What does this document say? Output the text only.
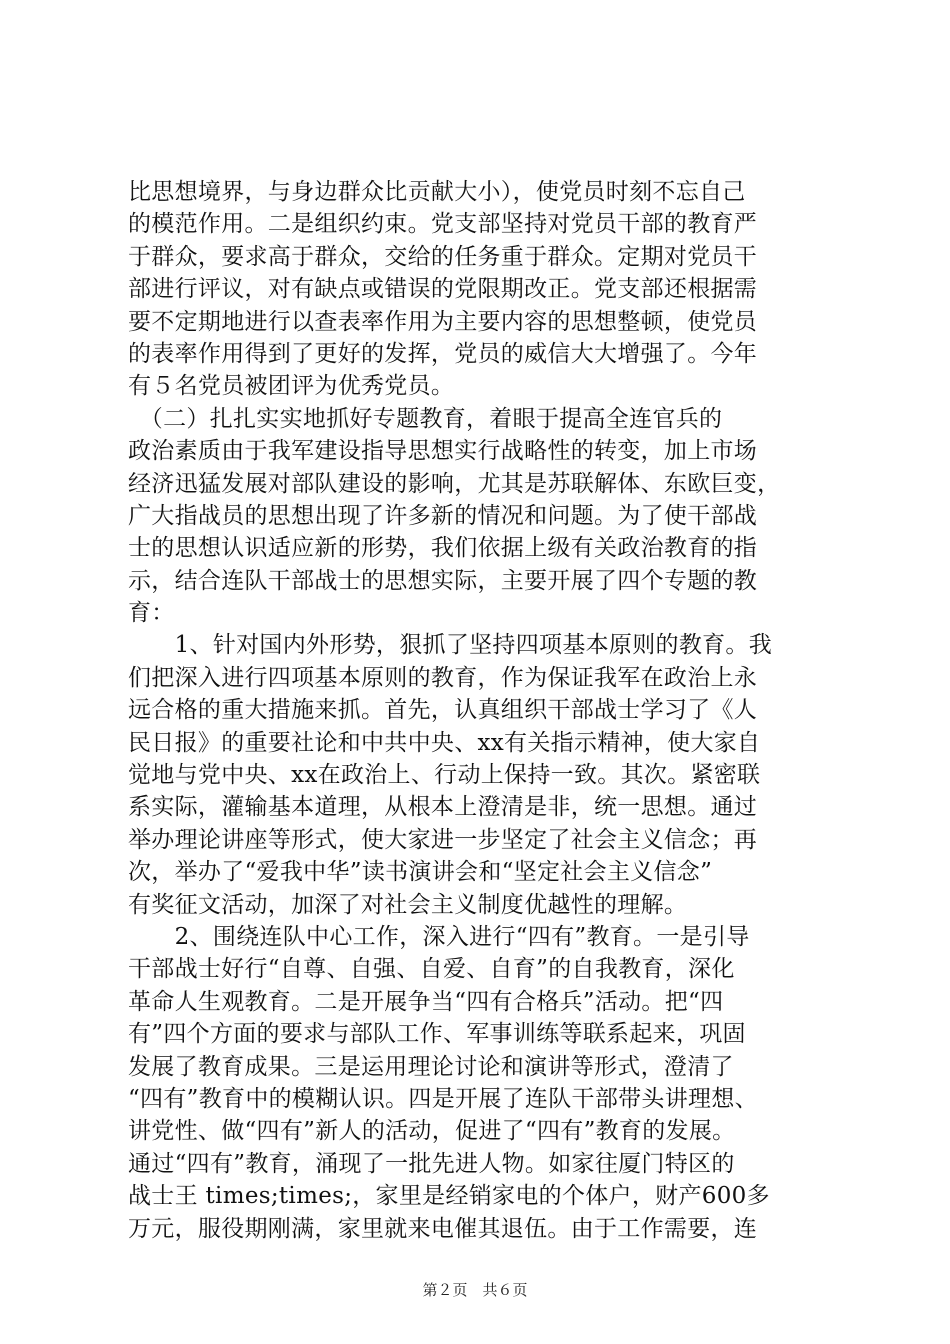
比思想境界，与身边群众比贡献大小），使党员时刻不忘自己
的模范作用。二是组织约束。党支部坚持对党员干部的教育严
于群众，要求高于群众，交给的任务重于群众。定期对党员干
部进行评议，对有缺点或错误的党限期改正。党支部还根据需
要不定期地进行以查表率作用为主要内容的思想整顿，使党员
的表率作用得到了更好的发挥，党员的威信大大增强了。今年
有５名党员被团评为优秀党员。
　（二）扎扎实实地抓好专题教育，着眼于提高全连官兵的
政治素质由于我军建设指导思想实行战略性的转变，加上市场
经济迅猛发展对部队建设的影响，尤其是苏联解体、东欧巨变，
广大指战员的思想出现了许多新的情况和问题。为了使干部战
士的思想认识适应新的形势，我们依据上级有关政治教育的指
示，结合连队干部战士的思想实际，主要开展了四个专题的教
育：
　　1、针对国内外形势，狠抓了坚持四项基本原则的教育。我
们把深入进行四项基本原则的教育，作为保证我军在政治上永
远合格的重大措施来抓。首先，认真组织干部战士学习了《人
民日报》的重要社论和中共中央、xx有关指示精神，使大家自
觉地与党中央、xx在政治上、行动上保持一致。其次。紧密联
系实际，灌输基本道理，从根本上澄清是非，统一思想。通过
举办理论讲座等形式，使大家进一步坚定了社会主义信念；再
次，举办了“爱我中华”读书演讲会和“坚定社会主义信念”
有奖征文活动，加深了对社会主义制度优越性的理解。
　　2、围绕连队中心工作，深入进行“四有”教育。一是引导
干部战士好行“自尊、自强、自爱、自育”的自我教育，深化
革命人生观教育。二是开展争当“四有合格兵”活动。把“四
有”四个方面的要求与部队工作、军事训练等联系起来，巩固
发展了教育成果。三是运用理论讨论和演讲等形式，澄清了
“四有”教育中的模糊认识。四是开展了连队干部带头讲理想、
讲党性、做“四有”新人的活动，促进了“四有”教育的发展。
通过“四有”教育，涌现了一批先进人物。如家往厦门特区的
战士王 times;times;，家里是经销家电的个体户，财产600多
万元，服役期刚满，家里就来电催其退伍。由于工作需要，连
第２页　共６页
